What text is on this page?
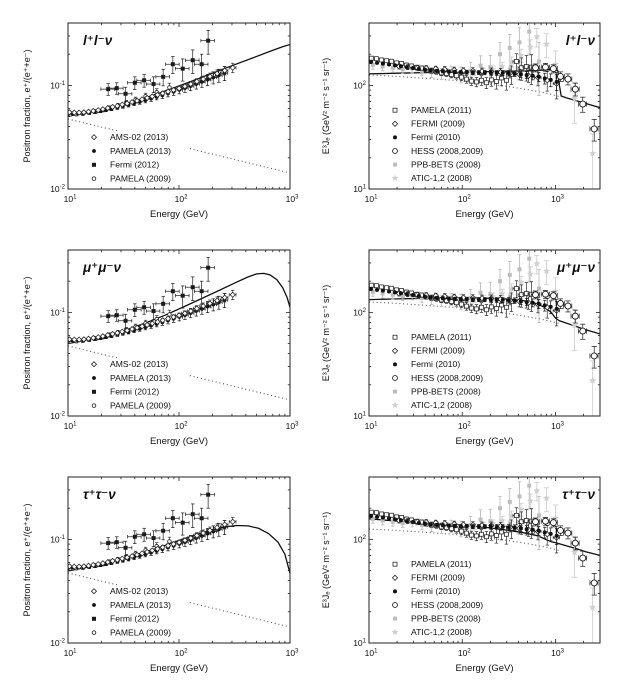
AMS-02 (2013)
PAMELA (2013)
Fermi (2012)
PAMELA (2009)
$10^1$	$10^2$	$10^3$
$10^{-2}$
$10^{-1}$
Energy (GeV)
Positron fraction, e⁺/(e⁺+e⁻)
l⁺l⁻ν
PAMELA (2011)
FERMI (2009)
Fermi (2010)
HESS (2008,2009)
PPB-BETS (2008)
ATIC-1,2 (2008)
$10^1$	$10^2$	$10^3$
$10^1$
$10^2$
Energy (GeV)
E³Jₑ (GeV² m⁻² s⁻¹ sr⁻¹)
l⁺l⁻ν
AMS-02 (2013)
PAMELA (2013)
Fermi (2012)
PAMELA (2009)
$10^1$	$10^2$	$10^3$
$10^{-2}$
$10^{-1}$
Energy (GeV)
Positron fraction, e⁺/(e⁺+e⁻)
μ⁺μ⁻ν
PAMELA (2011)
FERMI (2009)
Fermi (2010)
HESS (2008,2009)
PPB-BETS (2008)
ATIC-1,2 (2008)
$10^1$	$10^2$	$10^3$
$10^1$
$10^2$
Energy (GeV)
E³Jₑ (GeV² m⁻² s⁻¹ sr⁻¹)
μ⁺μ⁻ν
AMS-02 (2013)
PAMELA (2013)
Fermi (2012)
PAMELA (2009)
$10^1$	$10^2$	$10^3$
$10^{-2}$
$10^{-1}$
Energy (GeV)
Positron fraction, e⁺/(e⁺+e⁻)
τ⁺τ⁻ν
PAMELA (2011)
FERMI (2009)
Fermi (2010)
HESS (2008,2009)
PPB-BETS (2008)
ATIC-1,2 (2008)
$10^1$	$10^2$	$10^3$
$10^1$
$10^2$
Energy (GeV)
E³Jₑ (GeV² m⁻² s⁻¹ sr⁻¹)
τ⁺τ⁻ν
